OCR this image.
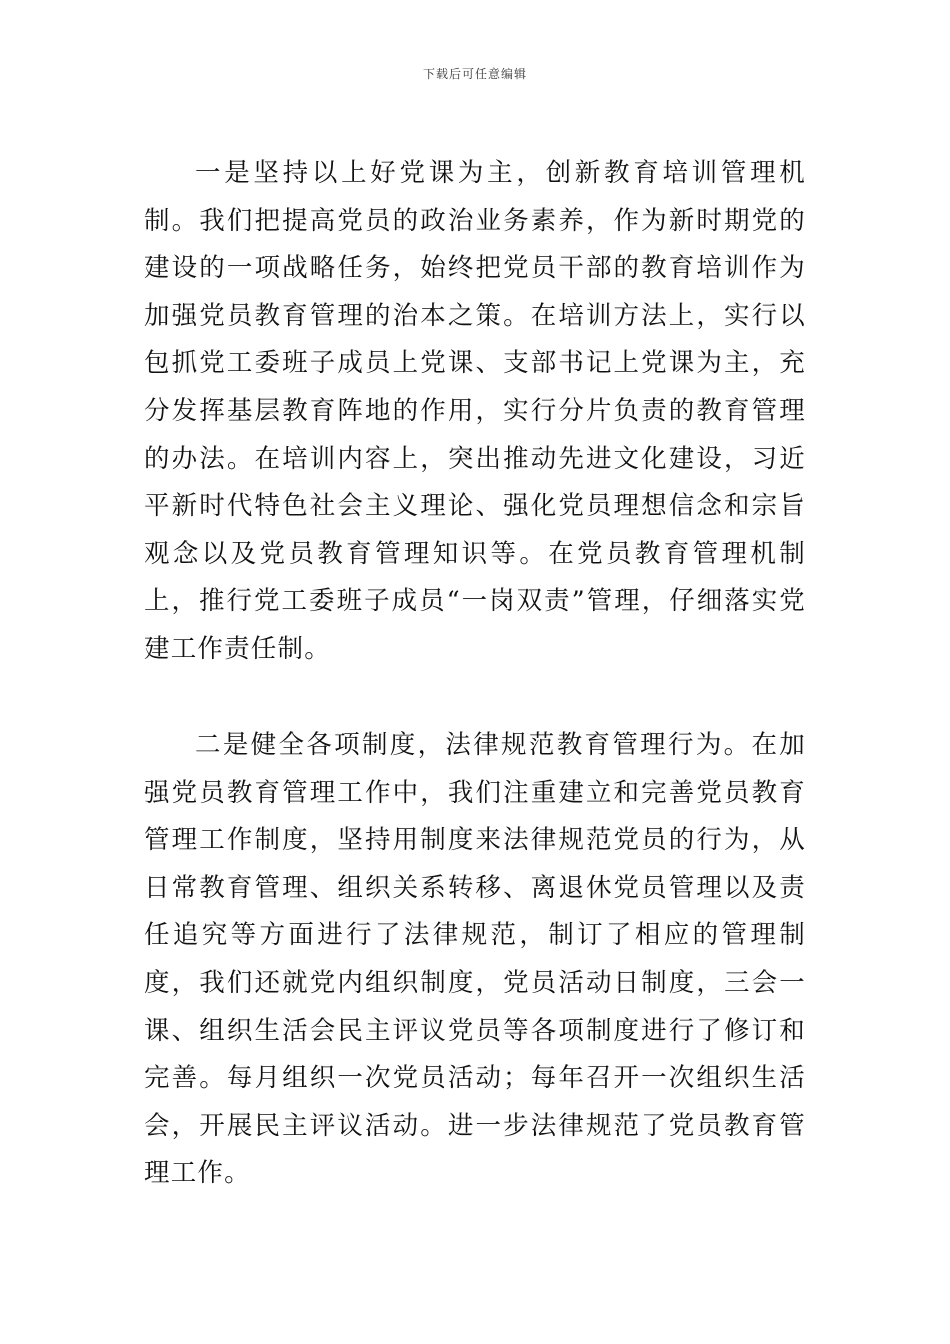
下载后可任意编辑

一是坚持以上好党课为主，创新教育培训管理机制。我们把提高党员的政治业务素养，作为新时期党的建设的一项战略任务，始终把党员干部的教育培训作为加强党员教育管理的治本之策。在培训方法上，实行以包抓党工委班子成员上党课、支部书记上党课为主，充分发挥基层教育阵地的作用，实行分片负责的教育管理的办法。在培训内容上，突出推动先进文化建设，习近平新时代特色社会主义理论、强化党员理想信念和宗旨观念以及党员教育管理知识等。在党员教育管理机制上，推行党工委班子成员“一岗双责”管理，仔细落实党建工作责任制。

二是健全各项制度，法律规范教育管理行为。在加强党员教育管理工作中，我们注重建立和完善党员教育管理工作制度，坚持用制度来法律规范党员的行为，从日常教育管理、组织关系转移、离退休党员管理以及责任追究等方面进行了法律规范，制订了相应的管理制度，我们还就党内组织制度，党员活动日制度，三会一课、组织生活会民主评议党员等各项制度进行了修订和完善。每月组织一次党员活动；每年召开一次组织生活会，开展民主评议活动。进一步法律规范了党员教育管理工作。
